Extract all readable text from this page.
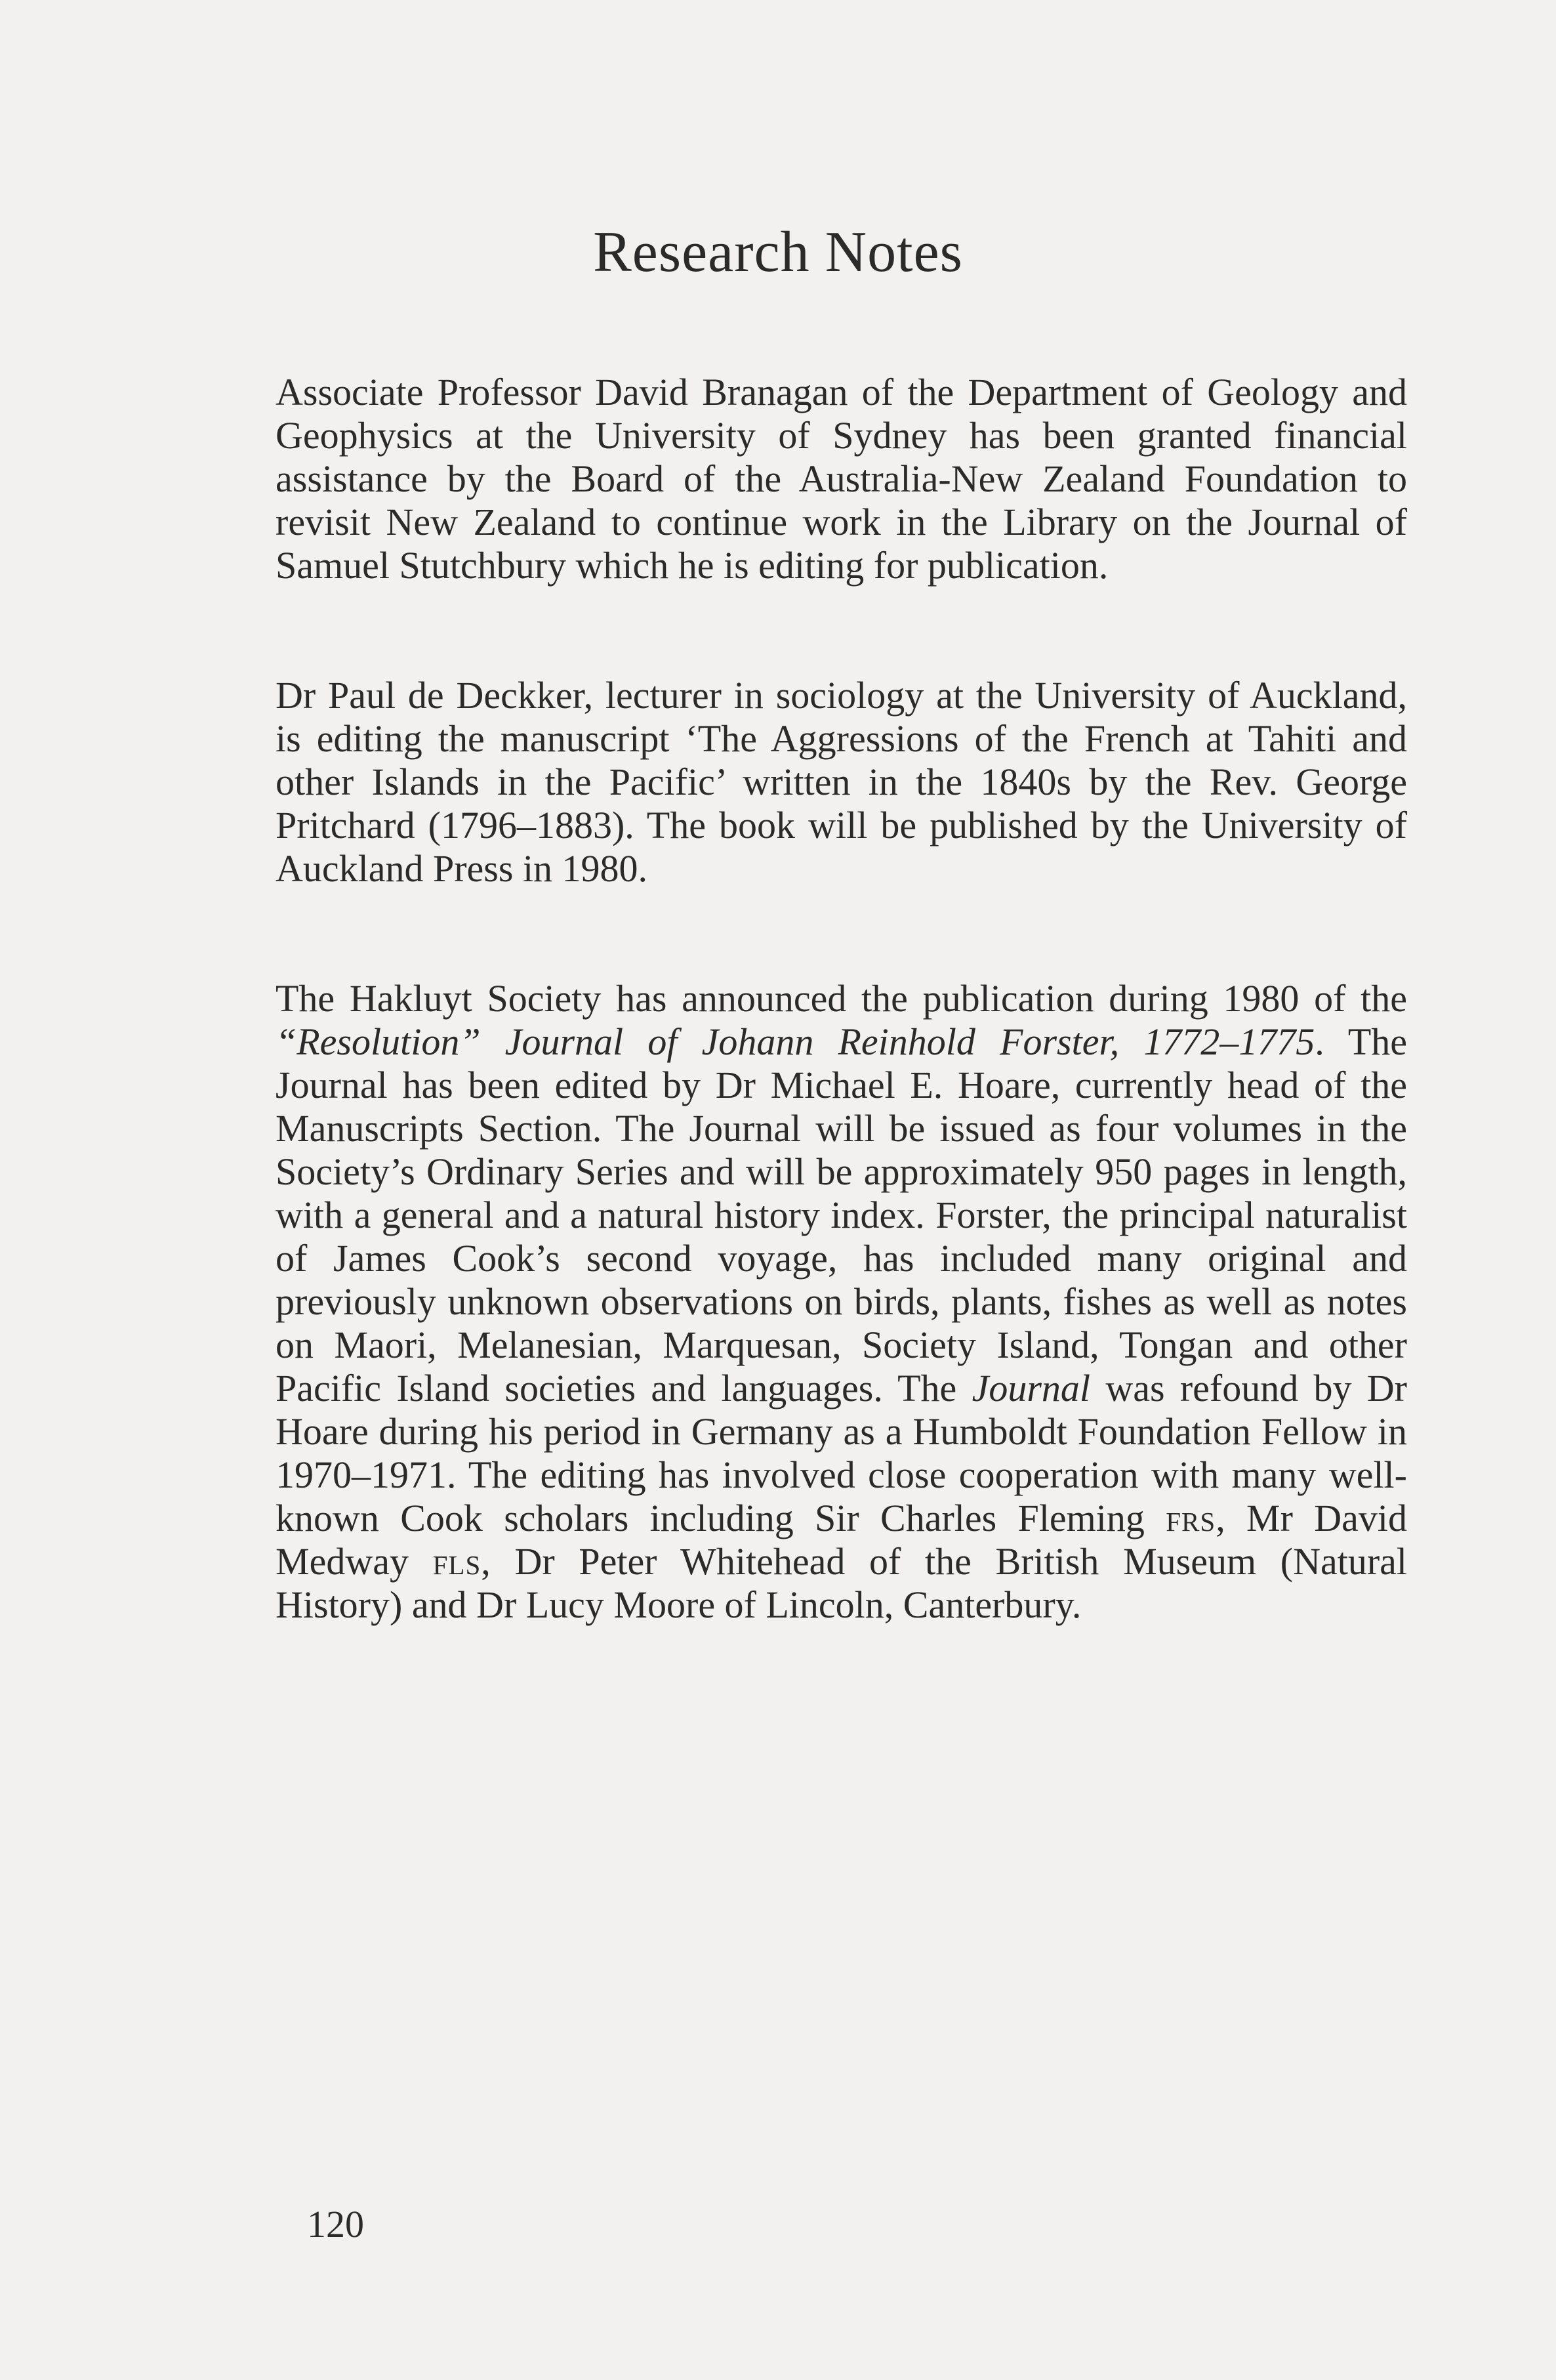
Research Notes

Associate Professor David Branagan of the Department of Geology and Geophysics at the University of Sydney has been granted financial assistance by the Board of the Australia-New Zealand Foundation to revisit New Zealand to continue work in the Library on the Journal of Samuel Stutchbury which he is editing for publication.

Dr Paul de Deckker, lecturer in sociology at the University of Auckland, is editing the manuscript ‘The Aggressions of the French at Tahiti and other Islands in the Pacific’ written in the 1840s by the Rev. George Pritchard (1796–1883). The book will be published by the University of Auckland Press in 1980.

The Hakluyt Society has announced the publication during 1980 of the “Resolution” Journal of Johann Reinhold Forster, 1772–1775. The Journal has been edited by Dr Michael E. Hoare, currently head of the Manuscripts Section. The Journal will be issued as four volumes in the Society’s Ordinary Series and will be approximately 950 pages in length, with a general and a natural history index. Forster, the principal naturalist of James Cook’s second voyage, has included many original and previously unknown observations on birds, plants, fishes as well as notes on Maori, Melanesian, Marquesan, Society Island, Tongan and other Pacific Island societies and languages. The Journal was refound by Dr Hoare during his period in Germany as a Humboldt Foundation Fellow in 1970–1971. The editing has involved close cooperation with many well-known Cook scholars including Sir Charles Fleming frs, Mr David Medway fls, Dr Peter Whitehead of the British Museum (Natural History) and Dr Lucy Moore of Lincoln, Canterbury.

120
